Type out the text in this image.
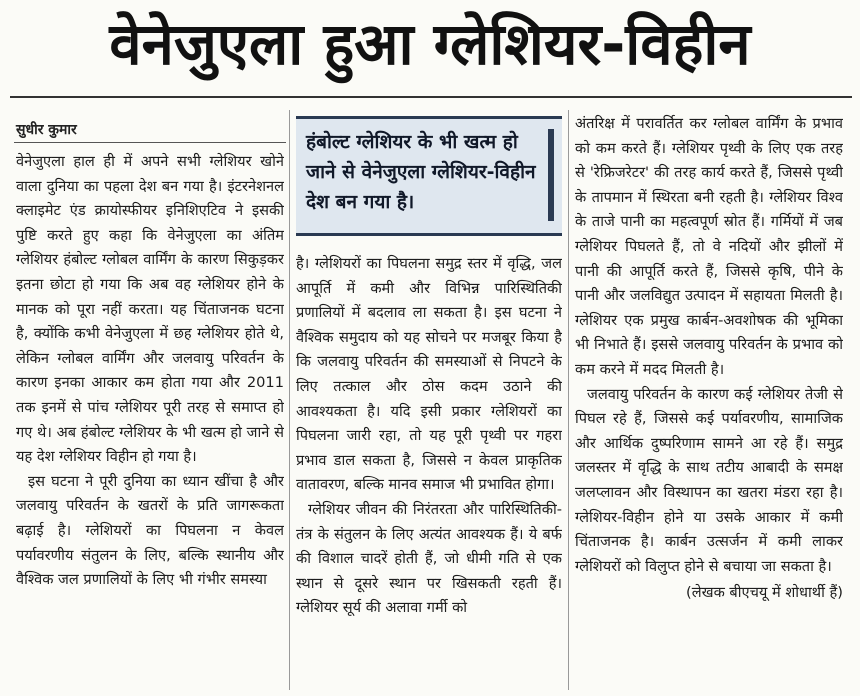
वेनेजुएला हुआ ग्लेशियर-विहीन
सुधीर कुमार

वेनेजुएला हाल ही में अपने सभी ग्लेशियर खोने वाला दुनिया का पहला देश बन गया है। इंटरनेशनल क्लाइमेट एंड क्रायोस्फीयर इनिशिएटिव ने इसकी पुष्टि करते हुए कहा कि वेनेजुएला का अंतिम ग्लेशियर हंबोल्ट ग्लोबल वार्मिंग के कारण सिकुड़कर इतना छोटा हो गया कि अब वह ग्लेशियर होने के मानक को पूरा नहीं करता। यह चिंताजनक घटना है, क्योंकि कभी वेनेजुएला में छह ग्लेशियर होते थे, लेकिन ग्लोबल वार्मिंग और जलवायु परिवर्तन के कारण इनका आकार कम होता गया और 2011 तक इनमें से पांच ग्लेशियर पूरी तरह से समाप्त हो गए थे। अब हंबोल्ट ग्लेशियर के भी खत्म हो जाने से यह देश ग्लेशियर विहीन हो गया है।

इस घटना ने पूरी दुनिया का ध्यान खींचा है और जलवायु परिवर्तन के खतरों के प्रति जागरूकता बढ़ाई है। ग्लेशियरों का पिघलना न केवल पर्यावरणीय संतुलन के लिए, बल्कि स्थानीय और वैश्विक जल प्रणालियों के लिए भी गंभीर समस्या

हंबोल्ट ग्लेशियर के भी खत्म हो जाने से वेनेजुएला ग्लेशियर-विहीन देश बन गया है।

है। ग्लेशियरों का पिघलना समुद्र स्तर में वृद्धि, जल आपूर्ति में कमी और विभिन्न पारिस्थितिकी प्रणालियों में बदलाव ला सकता है। इस घटना ने वैश्विक समुदाय को यह सोचने पर मजबूर किया है कि जलवायु परिवर्तन की समस्याओं से निपटने के लिए तत्काल और ठोस कदम उठाने की आवश्यकता है। यदि इसी प्रकार ग्लेशियरों का पिघलना जारी रहा, तो यह पूरी पृथ्वी पर गहरा प्रभाव डाल सकता है, जिससे न केवल प्राकृतिक वातावरण, बल्कि मानव समाज भी प्रभावित होगा।

ग्लेशियर जीवन की निरंतरता और पारिस्थितिकी-तंत्र के संतुलन के लिए अत्यंत आवश्यक हैं। ये बर्फ की विशाल चादरें होती हैं, जो धीमी गति से एक स्थान से दूसरे स्थान पर खिसकती रहती हैं। ग्लेशियर सूर्य की अलावा गर्मी को

अंतरिक्ष में परावर्तित कर ग्लोबल वार्मिंग के प्रभाव को कम करते हैं। ग्लेशियर पृथ्वी के लिए एक तरह से 'रेफ्रिजरेटर' की तरह कार्य करते हैं, जिससे पृथ्वी के तापमान में स्थिरता बनी रहती है। ग्लेशियर विश्व के ताजे पानी का महत्वपूर्ण स्रोत हैं। गर्मियों में जब ग्लेशियर पिघलते हैं, तो वे नदियों और झीलों में पानी की आपूर्ति करते हैं, जिससे कृषि, पीने के पानी और जलविद्युत उत्पादन में सहायता मिलती है। ग्लेशियर एक प्रमुख कार्बन-अवशोषक की भूमिका भी निभाते हैं। इससे जलवायु परिवर्तन के प्रभाव को कम करने में मदद मिलती है।

जलवायु परिवर्तन के कारण कई ग्लेशियर तेजी से पिघल रहे हैं, जिससे कई पर्यावरणीय, सामाजिक और आर्थिक दुष्परिणाम सामने आ रहे हैं। समुद्र जलस्तर में वृद्धि के साथ तटीय आबादी के समक्ष जलप्लावन और विस्थापन का खतरा मंडरा रहा है। ग्लेशियर-विहीन होने या उसके आकार में कमी चिंताजनक है। कार्बन उत्सर्जन में कमी लाकर ग्लेशियरों को विलुप्त होने से बचाया जा सकता है।

(लेखक बीएचयू में शोधार्थी हैं)
